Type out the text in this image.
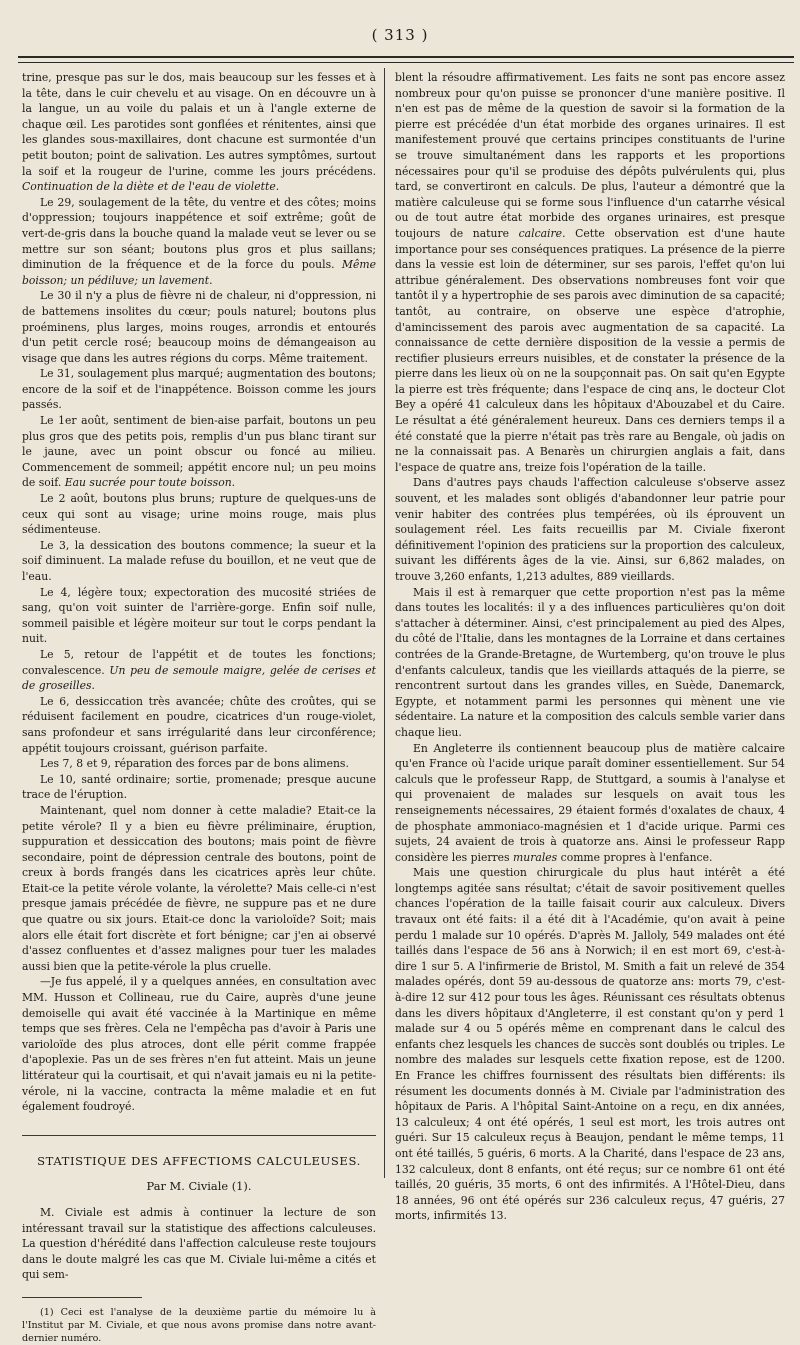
( 313 )

trine, presque pas sur le dos, mais beaucoup sur les fesses et à la tête, dans le cuir chevelu et au visage. On en découvre un à la langue, un au voile du palais et un à l'angle externe de chaque œil. Les parotides sont gonflées et rénitentes, ainsi que les glandes sous-maxillaires, dont chacune est surmontée d'un petit bouton; point de salivation. Les autres symptômes, surtout la soif et la rougeur de l'urine, comme les jours précédens. Continuation de la diète et de l'eau de violette.

Le 29, soulagement de la tête, du ventre et des côtes; moins d'oppression; toujours inappétence et soif extrême; goût de vert-de-gris dans la bouche quand la malade veut se lever ou se mettre sur son séant; boutons plus gros et plus saillans; diminution de la fréquence et de la force du pouls. Même boisson; un pédiluve; un lavement.

Le 30 il n'y a plus de fièvre ni de chaleur, ni d'oppression, ni de battemens insolites du cœur; pouls naturel; boutons plus proéminens, plus larges, moins rouges, arrondis et entourés d'un petit cercle rosé; beaucoup moins de démangeaison au visage que dans les autres régions du corps. Même traitement.

Le 31, soulagement plus marqué; augmentation des boutons; encore de la soif et de l'inappétence. Boisson comme les jours passés.

Le 1er août, sentiment de bien-aise parfait, boutons un peu plus gros que des petits pois, remplis d'un pus blanc tirant sur le jaune, avec un point obscur ou foncé au milieu. Commencement de sommeil; appétit encore nul; un peu moins de soif. Eau sucrée pour toute boisson.

Le 2 août, boutons plus bruns; rupture de quelques-uns de ceux qui sont au visage; urine moins rouge, mais plus sédimenteuse.

Le 3, la dessication des boutons commence; la sueur et la soif diminuent. La malade refuse du bouillon, et ne veut que de l'eau.

Le 4, légère toux; expectoration des mucosité striées de sang, qu'on voit suinter de l'arrière-gorge. Enfin soif nulle, sommeil paisible et légère moiteur sur tout le corps pendant la nuit.

Le 5, retour de l'appétit et de toutes les fonctions; convalescence. Un peu de semoule maigre, gelée de cerises et de groseilles.

Le 6, dessiccation très avancée; chûte des croûtes, qui se réduisent facilement en poudre, cicatrices d'un rouge-violet, sans profondeur et sans irrégularité dans leur circonférence; appétit toujours croissant, guérison parfaite.

Les 7, 8 et 9, réparation des forces par de bons alimens.

Le 10, santé ordinaire; sortie, promenade; presque aucune trace de l'éruption.

Maintenant, quel nom donner à cette maladie? Etait-ce la petite vérole? Il y a bien eu fièvre préliminaire, éruption, suppuration et dessiccation des boutons; mais point de fièvre secondaire, point de dépression centrale des boutons, point de creux à bords frangés dans les cicatrices après leur chûte. Etait-ce la petite vérole volante, la vérolette? Mais celle-ci n'est presque jamais précédée de fièvre, ne suppure pas et ne dure que quatre ou six jours. Etait-ce donc la varioloïde? Soit; mais alors elle était fort discrète et fort bénigne; car j'en ai observé d'assez confluentes et d'assez malignes pour tuer les malades aussi bien que la petite-vérole la plus cruelle.

—Je fus appelé, il y a quelques années, en consultation avec MM. Husson et Collineau, rue du Caire, auprès d'une jeune demoiselle qui avait été vaccinée à la Martinique en même temps que ses frères. Cela ne l'empêcha pas d'avoir à Paris une varioloïde des plus atroces, dont elle périt comme frappée d'apoplexie. Pas un de ses frères n'en fut atteint. Mais un jeune littérateur qui la courtisait, et qui n'avait jamais eu ni la petite-vérole, ni la vaccine, contracta la même maladie et en fut également foudroyé.

STATISTIQUE DES AFFECTIOMS CALCULEUSES.
Par M. Civiale (1).

M. Civiale est admis à continuer la lecture de son intéressant travail sur la statistique des affections calculeuses. La question d'hérédité dans l'affection calculeuse reste toujours dans le doute malgré les cas que M. Civiale lui-même a cités et qui sem-

(1) Ceci est l'analyse de la deuxième partie du mémoire lu à l'Institut par M. Civiale, et que nous avons promise dans notre avant-dernier numéro.

blent la résoudre affirmativement. Les faits ne sont pas encore assez nombreux pour qu'on puisse se prononcer d'une manière positive. Il n'en est pas de même de la question de savoir si la formation de la pierre est précédée d'un état morbide des organes urinaires. Il est manifestement prouvé que certains principes constituants de l'urine se trouve simultanément dans les rapports et les proportions nécessaires pour qu'il se produise des dépôts pulvérulents qui, plus tard, se convertiront en calculs. De plus, l'auteur a démontré que la matière calculeuse qui se forme sous l'influence d'un catarrhe vésical ou de tout autre état morbide des organes urinaires, est presque toujours de nature calcaire. Cette observation est d'une haute importance pour ses conséquences pratiques. La présence de la pierre dans la vessie est loin de déterminer, sur ses parois, l'effet qu'on lui attribue généralement. Des observations nombreuses font voir que tantôt il y a hypertrophie de ses parois avec diminution de sa capacité; tantôt, au contraire, on observe une espèce d'atrophie, d'amincissement des parois avec augmentation de sa capacité. La connaissance de cette dernière disposition de la vessie a permis de rectifier plusieurs erreurs nuisibles, et de constater la présence de la pierre dans les lieux où on ne la soupçonnait pas. On sait qu'en Egypte la pierre est très fréquente; dans l'espace de cinq ans, le docteur Clot Bey a opéré 41 calculeux dans les hôpitaux d'Abouzabel et du Caire. Le résultat a été généralement heureux. Dans ces derniers temps il a été constaté que la pierre n'était pas très rare au Bengale, où jadis on ne la connaissait pas. A Benarès un chirurgien anglais a fait, dans l'espace de quatre ans, treize fois l'opération de la taille.

Dans d'autres pays chauds l'affection calculeuse s'observe assez souvent, et les malades sont obligés d'abandonner leur patrie pour venir habiter des contrées plus tempérées, où ils éprouvent un soulagement réel. Les faits recueillis par M. Civiale fixeront définitivement l'opinion des praticiens sur la proportion des calculeux, suivant les différents âges de la vie. Ainsi, sur 6,862 malades, on trouve 3,260 enfants, 1,213 adultes, 889 vieillards.

Mais il est à remarquer que cette proportion n'est pas la même dans toutes les localités: il y a des influences particulières qu'on doit s'attacher à déterminer. Ainsi, c'est principalement au pied des Alpes, du côté de l'Italie, dans les montagnes de la Lorraine et dans certaines contrées de la Grande-Bretagne, de Wurtemberg, qu'on trouve le plus d'enfants calculeux, tandis que les vieillards attaqués de la pierre, se rencontrent surtout dans les grandes villes, en Suède, Danemarck, Egypte, et notamment parmi les personnes qui mènent une vie sédentaire. La nature et la composition des calculs semble varier dans chaque lieu.

En Angleterre ils contiennent beaucoup plus de matière calcaire qu'en France où l'acide urique paraît dominer essentiellement. Sur 54 calculs que le professeur Rapp, de Stuttgard, a soumis à l'analyse et qui provenaient de malades sur lesquels on avait tous les renseignements nécessaires, 29 étaient formés d'oxalates de chaux, 4 de phosphate ammoniaco-magnésien et 1 d'acide urique. Parmi ces sujets, 24 avaient de trois à quatorze ans. Ainsi le professeur Rapp considère les pierres murales comme propres à l'enfance.

Mais une question chirurgicale du plus haut intérêt a été longtemps agitée sans résultat; c'était de savoir positivement quelles chances l'opération de la taille faisait courir aux calculeux. Divers travaux ont été faits: il a été dit à l'Académie, qu'on avait à peine perdu 1 malade sur 10 opérés. D'après M. Jalloly, 549 malades ont été taillés dans l'espace de 56 ans à Norwich; il en est mort 69, c'est-à-dire 1 sur 5. A l'infirmerie de Bristol, M. Smith a fait un relevé de 354 malades opérés, dont 59 au-dessous de quatorze ans: morts 79, c'est-à-dire 12 sur 412 pour tous les âges. Réunissant ces résultats obtenus dans les divers hôpitaux d'Angleterre, il est constant qu'on y perd 1 malade sur 4 ou 5 opérés même en comprenant dans le calcul des enfants chez lesquels les chances de succès sont doublés ou triples. Le nombre des malades sur lesquels cette fixation repose, est de 1200. En France les chiffres fournissent des résultats bien différents: ils résument les documents donnés à M. Civiale par l'administration des hôpitaux de Paris. A l'hôpital Saint-Antoine on a reçu, en dix années, 13 calculeux; 4 ont été opérés, 1 seul est mort, les trois autres ont guéri. Sur 15 calculeux reçus à Beaujon, pendant le même temps, 11 ont été taillés, 5 guéris, 6 morts. A la Charité, dans l'espace de 23 ans, 132 calculeux, dont 8 enfants, ont été reçus; sur ce nombre 61 ont été taillés, 20 guéris, 35 morts, 6 ont des infirmités. A l'Hôtel-Dieu, dans 18 années, 96 ont été opérés sur 236 calculeux reçus, 47 guéris, 27 morts, infirmités 13.
